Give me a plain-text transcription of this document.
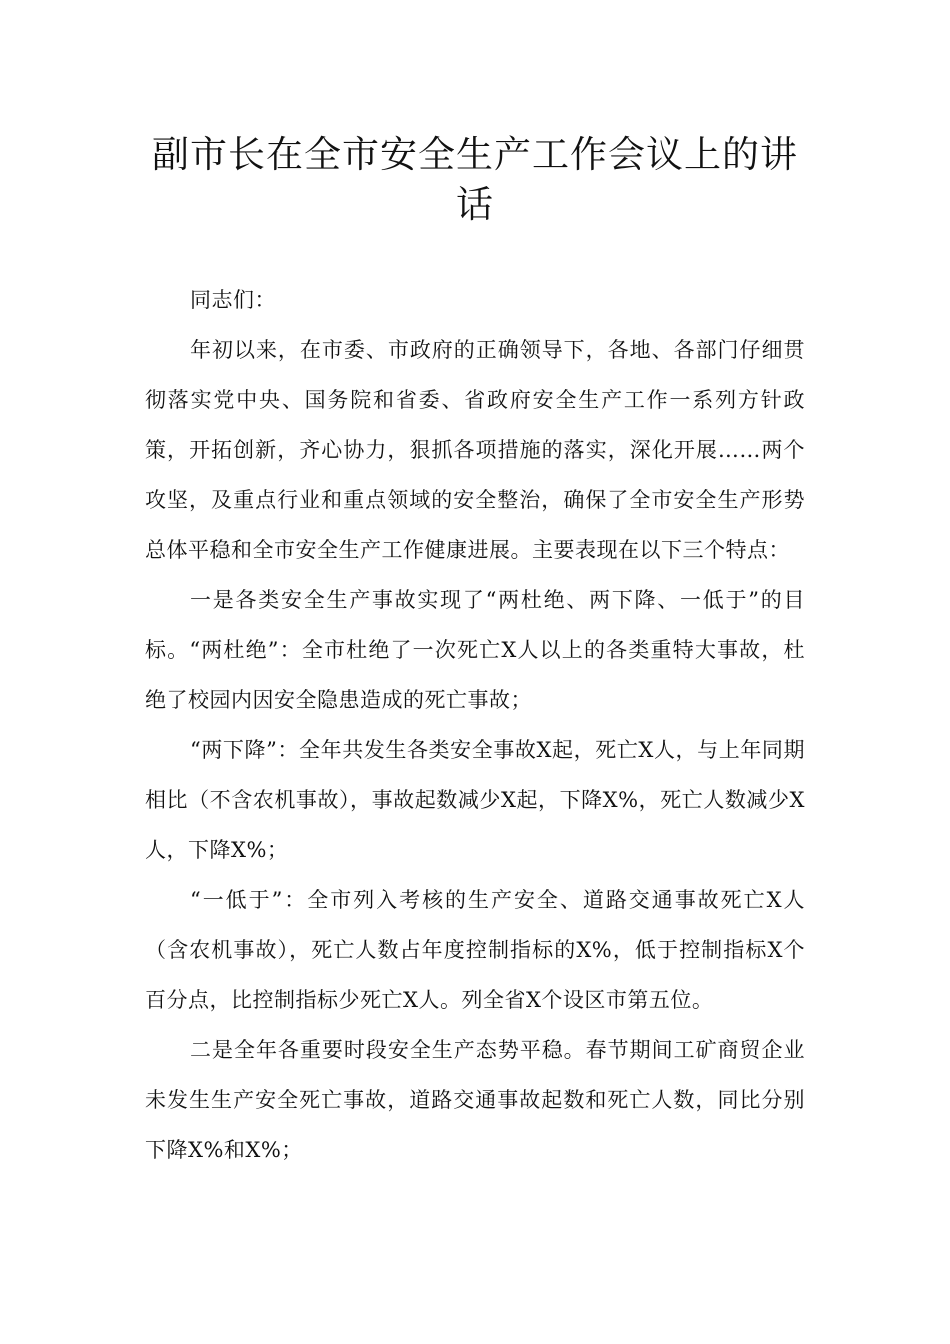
副市长在全市安全生产工作会议上的讲话

同志们：

年初以来，在市委、市政府的正确领导下，各地、各部门仔细贯彻落实党中央、国务院和省委、省政府安全生产工作一系列方针政策，开拓创新，齐心协力，狠抓各项措施的落实，深化开展……两个攻坚，及重点行业和重点领域的安全整治，确保了全市安全生产形势总体平稳和全市安全生产工作健康进展。主要表现在以下三个特点：

一是各类安全生产事故实现了“两杜绝、两下降、一低于”的目标。“两杜绝”：全市杜绝了一次死亡X人以上的各类重特大事故，杜绝了校园内因安全隐患造成的死亡事故；

“两下降”：全年共发生各类安全事故X起，死亡X人，与上年同期相比（不含农机事故），事故起数减少X起，下降X%，死亡人数减少X人，下降X%；

“一低于”：全市列入考核的生产安全、道路交通事故死亡X人（含农机事故），死亡人数占年度控制指标的X%，低于控制指标X个百分点，比控制指标少死亡X人。列全省X个设区市第五位。

二是全年各重要时段安全生产态势平稳。春节期间工矿商贸企业未发生生产安全死亡事故，道路交通事故起数和死亡人数，同比分别下降X%和X%；
